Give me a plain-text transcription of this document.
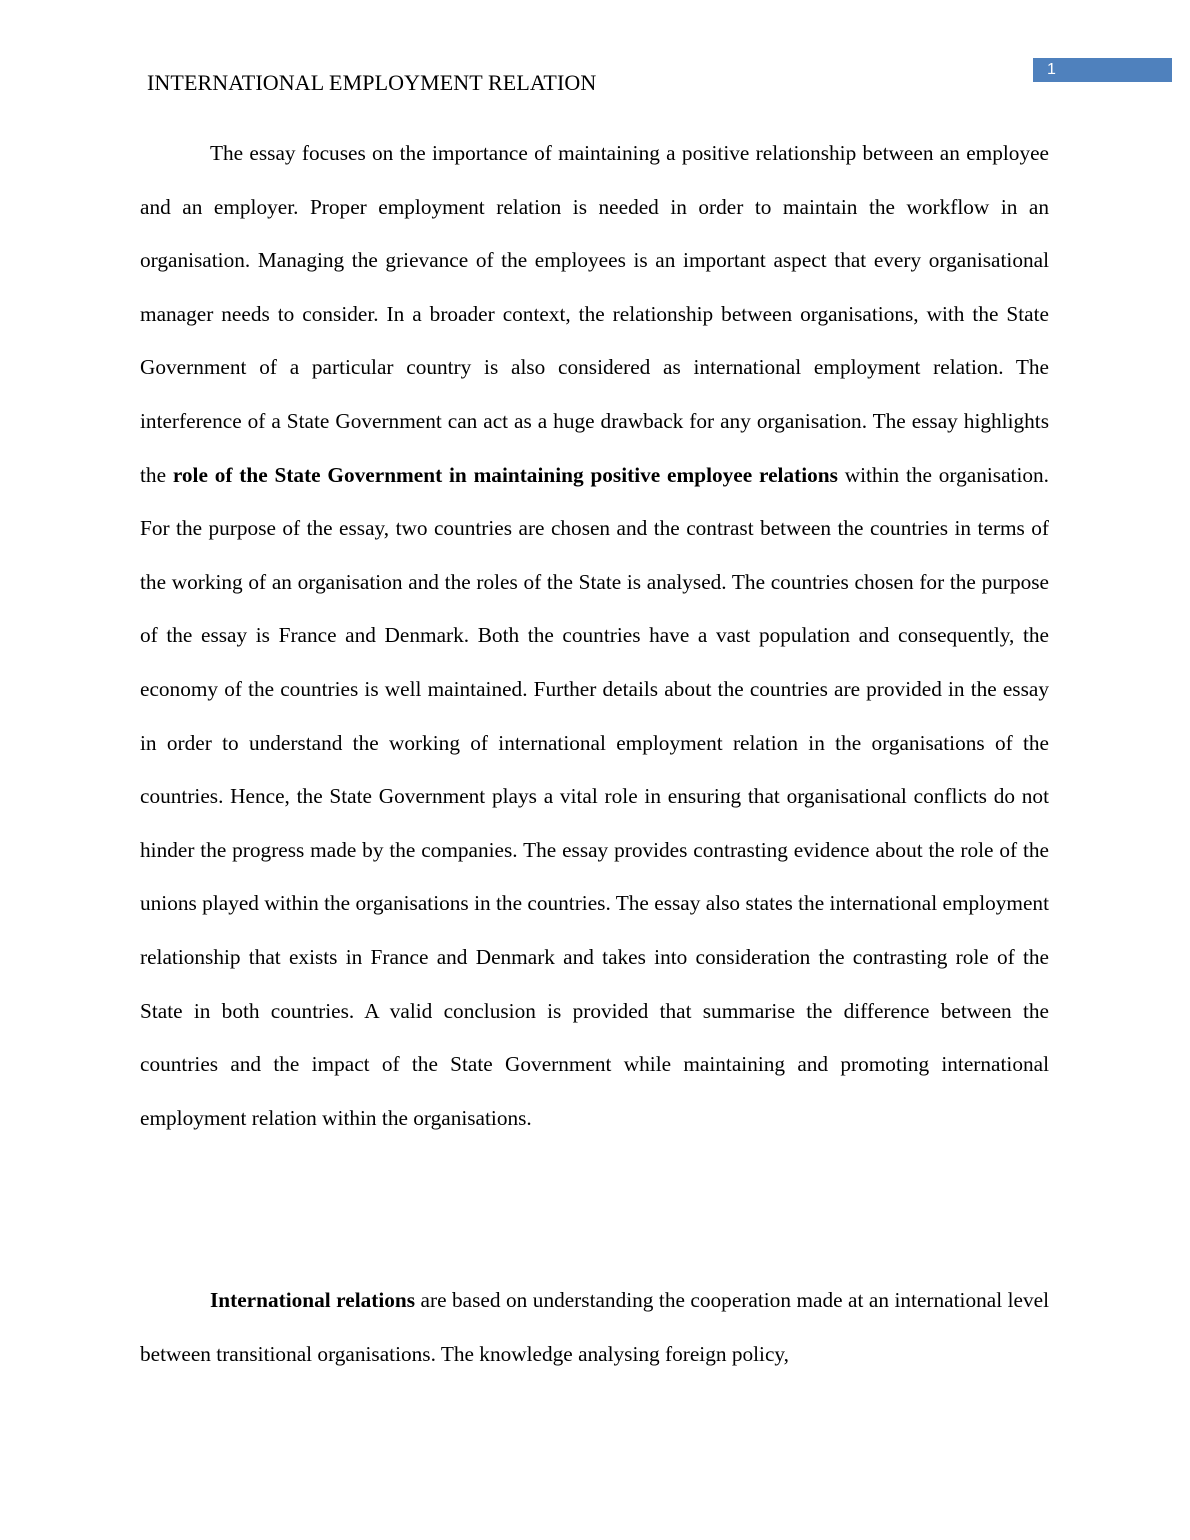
INTERNATIONAL EMPLOYMENT RELATION
1

The essay focuses on the importance of maintaining a positive relationship between an employee and an employer. Proper employment relation is needed in order to maintain the workflow in an organisation. Managing the grievance of the employees is an important aspect that every organisational manager needs to consider. In a broader context, the relationship between organisations, with the State Government of a particular country is also considered as international employment relation. The interference of a State Government can act as a huge drawback for any organisation. The essay highlights the role of the State Government in maintaining positive employee relations within the organisation. For the purpose of the essay, two countries are chosen and the contrast between the countries in terms of the working of an organisation and the roles of the State is analysed. The countries chosen for the purpose of the essay is France and Denmark. Both the countries have a vast population and consequently, the economy of the countries is well maintained. Further details about the countries are provided in the essay in order to understand the working of international employment relation in the organisations of the countries. Hence, the State Government plays a vital role in ensuring that organisational conflicts do not hinder the progress made by the companies. The essay provides contrasting evidence about the role of the unions played within the organisations in the countries. The essay also states the international employment relationship that exists in France and Denmark and takes into consideration the contrasting role of the State in both countries. A valid conclusion is provided that summarise the difference between the countries and the impact of the State Government while maintaining and promoting international employment relation within the organisations.

International relations are based on understanding the cooperation made at an international level between transitional organisations. The knowledge analysing foreign policy,
